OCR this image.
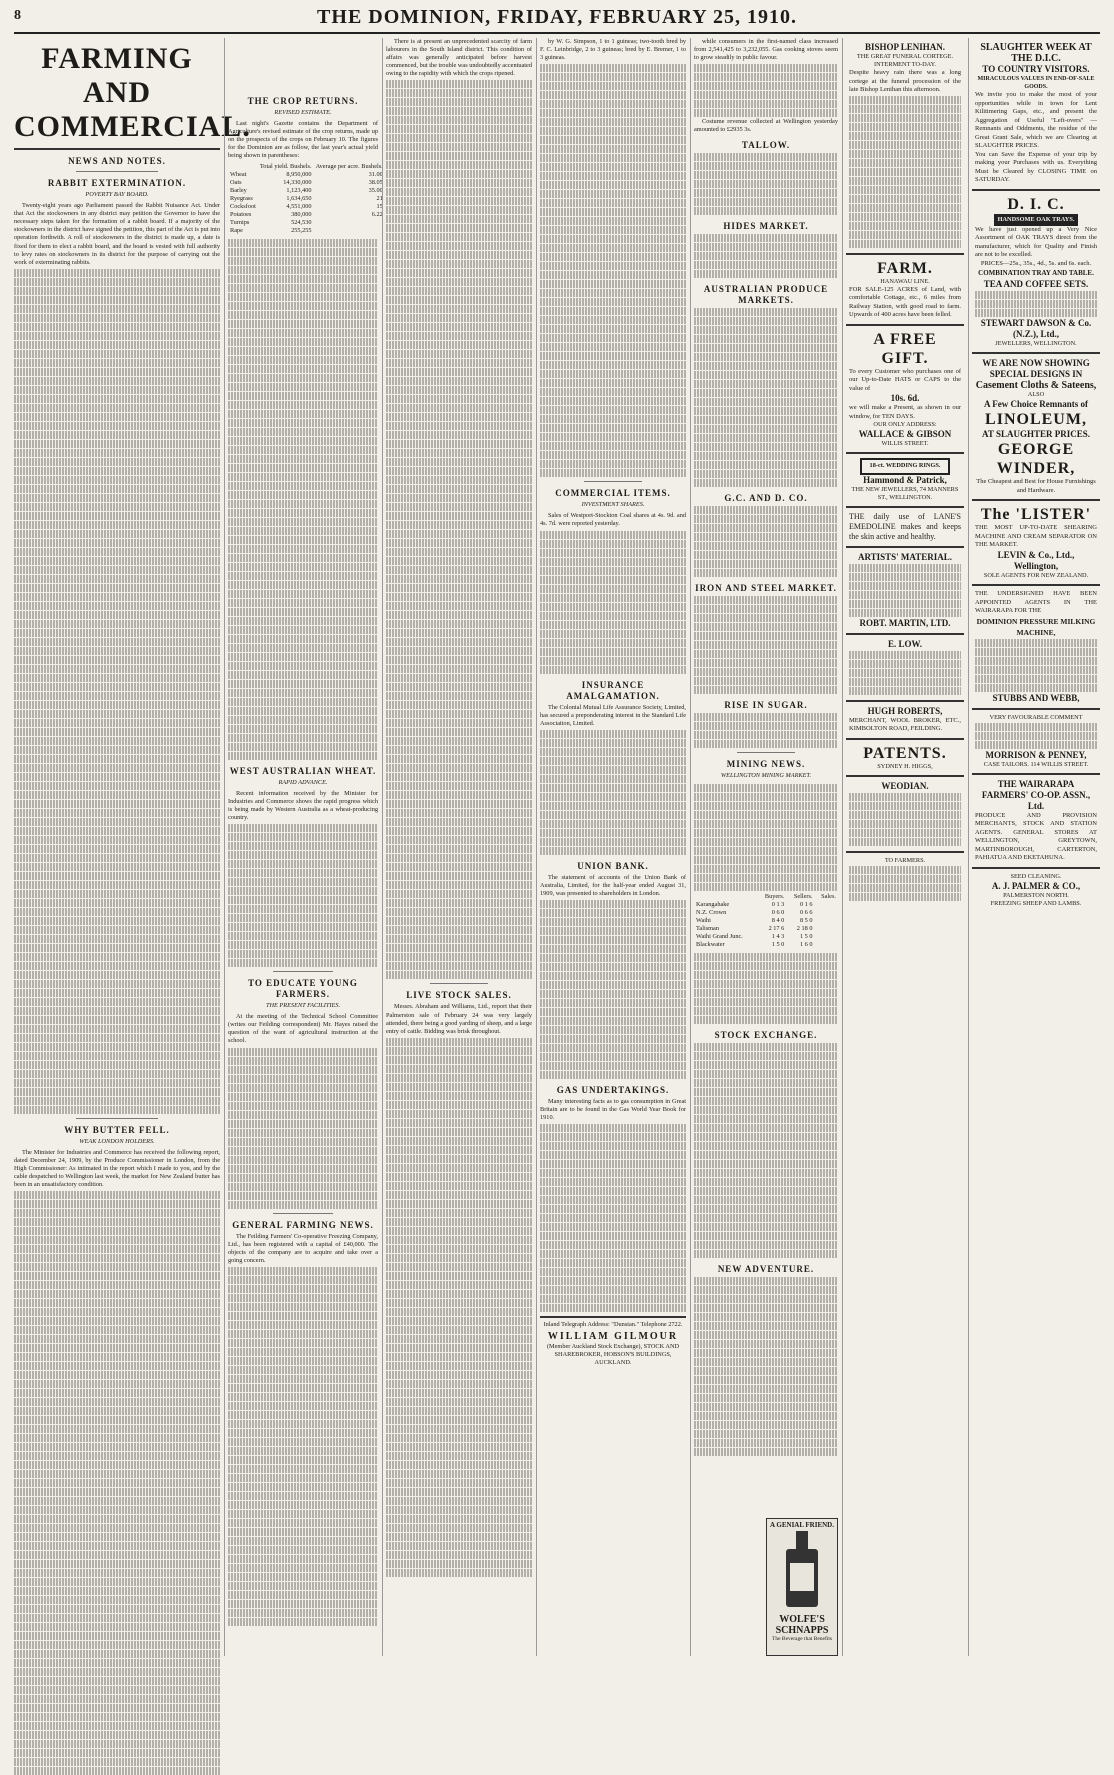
8	THE DOMINION, FRIDAY, FEBRUARY 25, 1910.
FARMING AND COMMERCIAL.
NEWS AND NOTES.
RABBIT EXTERMINATION.
POVERTY BAY BOARD.

Twenty-eight years ago Parliament passed the Rabbit Nuisance Act. Under that Act the stockowners in any district may petition the Governor to have the necessary steps taken for the formation of a rabbit board. If a majority of the stockowners in the district have signed the petition, this part of the Act is put into operation forthwith. A roll of stockowners in the district is made up, a date is fixed for them to elect a rabbit board, and the board is vested with full authority to levy rates on stockowners in its district for the purpose of carrying out the work of exterminating rabbits.

WHY BUTTER FELL.
WEAK LONDON HOLDERS.

The Minister for Industries and Commerce has received the following report, dated December 24, 1909, by the Produce Commissioner in London, from the High Commissioner: As intimated in the report which I made to you, and by the cable despatched to Wellington last week, the market for New Zealand butter has been in an unsatisfactory condition.

THE CROP RETURNS.
REVISED ESTIMATE.

Last night's Gazette contains the Department of Agriculture's revised estimate of the crop returns, made up on the prospects of the crops on February 10. The figures for the Dominion are as follow, the last year's actual yield being shown in parentheses:

	Total yield. Bushels.	Average per acre. Bushels.
Wheat	8,950,000	31.00
Oats	14,330,000	38.05
Barley	1,123,400	35.00
Ryegrass	1,634,650	21
Cocksfoot	4,551,000	15
Potatoes	380,000	6.22
Turnips	524,530	
Rape	255,255	
WEST AUSTRALIAN WHEAT.
RAPID ADVANCE.

Recent information received by the Minister for Industries and Commerce shows the rapid progress which is being made by Western Australia as a wheat-producing country.

TO EDUCATE YOUNG FARMERS.
THE PRESENT FACILITIES.

At the meeting of the Technical School Committee (writes our Feilding correspondent) Mr. Hayes raised the question of the want of agricultural instruction at the school.

GENERAL FARMING NEWS.

The Feilding Farmers' Co-operative Freezing Company, Ltd., has been registered with a capital of £40,000. The objects of the company are to acquire and take over a going concern.

There is at present an unprecedented scarcity of farm labourers in the South Island district. This condition of affairs was generally anticipated before harvest commenced, but the trouble was undoubtedly accentuated owing to the rapidity with which the crops ripened.

LIVE STOCK SALES.

Messrs. Abraham and Williams, Ltd., report that their Palmerston sale of February 24 was very largely attended, there being a good yarding of sheep, and a large entry of cattle. Bidding was brisk throughout.

by W. G. Simpson, 1 to 1 guineas; two-tooth bred by F. C. Leinbridge, 2 to 3 guineas; bred by E. Bremer, 1 to 3 guineas.

COMMERCIAL ITEMS.
INVESTMENT SHARES.

Sales of Westport-Stockton Coal shares at 4s. 9d. and 4s. 7d. were reported yesterday.

INSURANCE AMALGAMATION.

The Colonial Mutual Life Assurance Society, Limited, has secured a preponderating interest in the Standard Life Association, Limited.

UNION BANK.

The statement of accounts of the Union Bank of Australia, Limited, for the half-year ended August 31, 1909, was presented to shareholders in London.

GAS UNDERTAKINGS.

Many interesting facts as to gas consumption in Great Britain are to be found in the Gas World Year Book for 1910.

Inland Telegraph Address: "Dunstan." Telephone 2722.
WILLIAM GILMOUR
(Member Auckland Stock Exchange), STOCK AND SHAREBROKER, HOBSON'S BUILDINGS, AUCKLAND.

while consumers in the first-named class increased from 2,541,425 to 3,232,055. Gas cooking stoves seem to grow steadily in public favour.

Costume revenue collected at Wellington yesterday amounted to £2935 3s.

TALLOW.
HIDES MARKET.
AUSTRALIAN PRODUCE MARKETS.
G.C. AND D. CO.
IRON AND STEEL MARKET.
RISE IN SUGAR.
MINING NEWS.
WELLINGTON MINING MARKET.
	Buyers.	Sellers.	Sales.
Karangahake	0 1 3	0 1 6	
N.Z. Crown	0 6 0	0 6 6	
Waihi	8 4 0	8 5 0	
Talisman	2 17 6	2 18 0	
Waihi Grand Junc.	1 4 3	1 5 0	
Blackwater	1 5 0	1 6 0	
STOCK EXCHANGE.
NEW ADVENTURE.
BISHOP LENIHAN.
THE GREAT FUNERAL CORTEGE.
INTERMENT TO-DAY.
Despite heavy rain there was a long cortege at the funeral procession of the late Bishop Lenihan this afternoon.
FARM.
HANAWAU LINE.
FOR SALE-125 ACRES of Land, with comfortable Cottage, etc., 6 miles from Railway Station, with good road to farm. Upwards of 400 acres have been felled.
A FREE GIFT.
To every Customer who purchases one of our Up-to-Date HATS or CAPS to the value of
10s. 6d.
we will make a Present, as shown in our window, for TEN DAYS.
OUR ONLY ADDRESS:
WALLACE & GIBSON
WILLIS STREET.
18-ct. WEDDING RINGS.
Hammond & Patrick,
THE NEW JEWELLERS, 74 MANNERS ST., WELLINGTON.
THE daily use of LANE'S EMEDOLINE makes and keeps the skin active and healthy.
ARTISTS' MATERIAL.
ROBT. MARTIN, LTD.
E. LOW.
HUGH ROBERTS,
MERCHANT, WOOL BROKER, ETC., KIMBOLTON ROAD, FEILDING.
PATENTS.
SYDNEY H. HIGGS,
WEODIAN.
TO FARMERS.
A GENIAL FRIEND.
WOLFE'S SCHNAPPS
The Beverage that Benefits
SLAUGHTER WEEK AT THE D.I.C.
TO COUNTRY VISITORS.
MIRACULOUS VALUES IN END-OF-SALE GOODS.
We invite you to make the most of your opportunities while in town for Lent Kilitimering Gaps, etc., and present the Aggregation of Useful "Left-overs" — Remnants and Oddments, the residue of the Great Grant Sale, which we are Clearing at SLAUGHTER PRICES.
You can Save the Expense of your trip by making your Purchases with us. Everything Must be Cleared by CLOSING TIME on SATURDAY.
D. I. C.
HANDSOME OAK TRAYS.
We have just opened up a Very Nice Assortment of OAK TRAYS direct from the manufacturer, which for Quality and Finish are not to be excelled.
PRICES—25s., 35s., 4d., 5s. and 6s. each.
COMBINATION TRAY AND TABLE.
TEA AND COFFEE SETS.
STEWART DAWSON & Co. (N.Z.), Ltd.,
JEWELLERS, WELLINGTON.
WE ARE NOW SHOWING
SPECIAL DESIGNS IN
Casement Cloths & Sateens,
ALSO
A Few Choice Remnants of
LINOLEUM,
AT SLAUGHTER PRICES.
GEORGE WINDER,
The Cheapest and Best for House Furnishings and Hardware.
The 'LISTER'
THE MOST UP-TO-DATE SHEARING MACHINE AND CREAM SEPARATOR ON THE MARKET.
LEVIN & Co., Ltd., Wellington,
SOLE AGENTS FOR NEW ZEALAND.
THE UNDERSIGNED HAVE BEEN APPOINTED AGENTS IN THE WAIRARAPA FOR THE
DOMINION PRESSURE MILKING MACHINE,
STUBBS AND WEBB,
VERY FAVOURABLE COMMENT
MORRISON & PENNEY,
CASE TAILORS. 114 WILLIS STREET.
THE WAIRARAPA FARMERS' CO-OP. ASSN., Ltd.
PRODUCE AND PROVISION MERCHANTS, STOCK AND STATION AGENTS. GENERAL STORES AT WELLINGTON, GREYTOWN, MARTINBOROUGH, CARTERTON, PAHIATUA AND EKETAHUNA.
SEED CLEANING.
A. J. PALMER & CO.,
PALMERSTON NORTH.
FREEZING SHEEP AND LAMBS.
